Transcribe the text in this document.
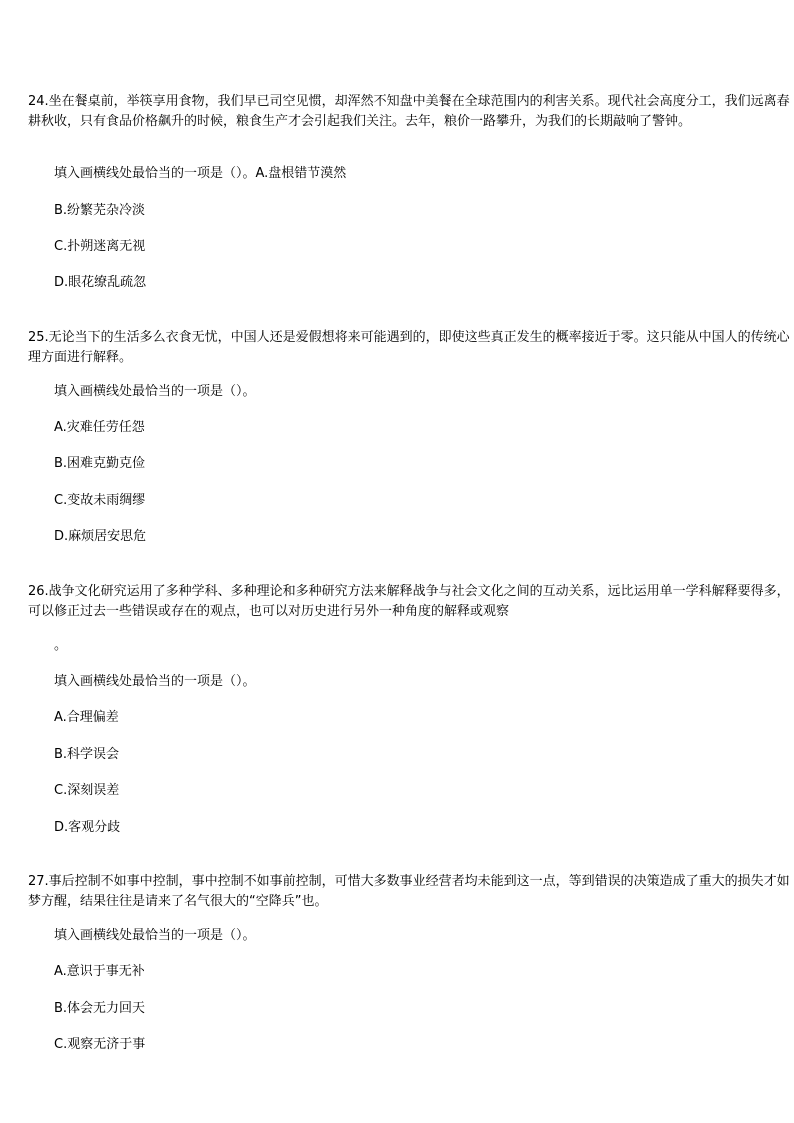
24.坐在餐桌前，举筷享用食物，我们早已司空见惯，却浑然不知盘中美餐在全球范围内的利害关系。现代社会高度分工，我们远离春耕秋收，只有食品价格飙升的时候，粮食生产才会引起我们关注。去年，粮价一路攀升，为我们的长期敲响了警钟。

填入画横线处最恰当的一项是（）。A.盘根错节漠然

B.纷繁芜杂冷淡

C.扑朔迷离无视

D.眼花缭乱疏忽

25.无论当下的生活多么衣食无忧，中国人还是爱假想将来可能遇到的，即使这些真正发生的概率接近于零。这只能从中国人的传统心理方面进行解释。

填入画横线处最恰当的一项是（）。

A.灾难任劳任怨

B.困难克勤克俭

C.变故未雨绸缪

D.麻烦居安思危

26.战争文化研究运用了多种学科、多种理论和多种研究方法来解释战争与社会文化之间的互动关系，远比运用单一学科解释要得多，可以修正过去一些错误或存在的观点，也可以对历史进行另外一种角度的解释或观察

。

填入画横线处最恰当的一项是（）。

A.合理偏差

B.科学误会

C.深刻误差

D.客观分歧

27.事后控制不如事中控制，事中控制不如事前控制，可惜大多数事业经营者均未能到这一点，等到错误的决策造成了重大的损失才如梦方醒，结果往往是请来了名气很大的“空降兵”也。

填入画横线处最恰当的一项是（）。

A.意识于事无补

B.体会无力回天

C.观察无济于事
